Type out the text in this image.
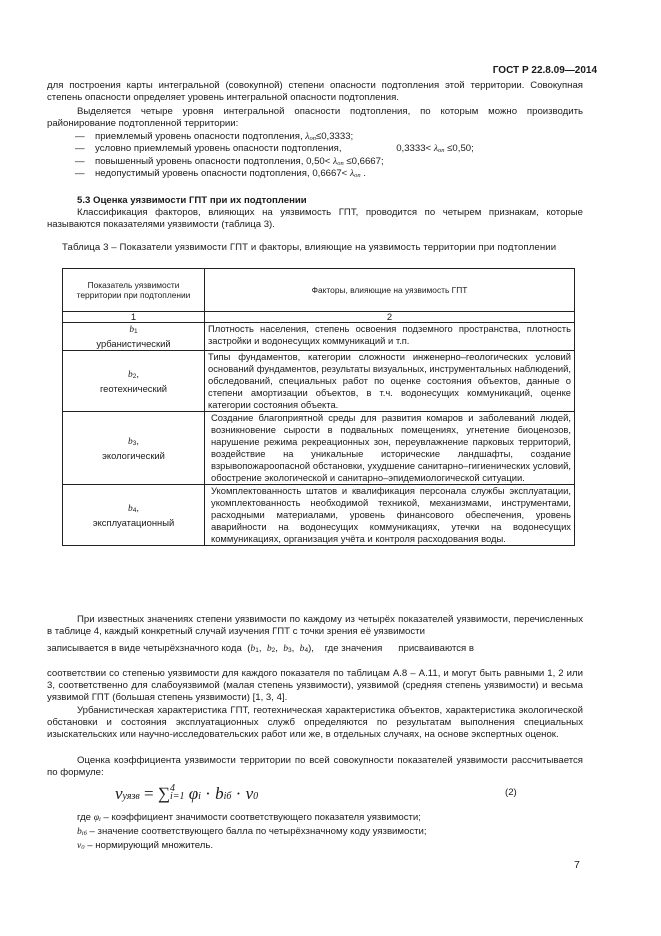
ГОСТ Р 22.8.09—2014
для построения карты интегральной (совокупной) степени опасности подтопления этой территории. Совокупная степень опасности определяет уровень интегральной опасности подтопления.
Выделяется четыре уровня интегральной опасности подтопления, по которым можно производить районирование подтопленной территории:
— приемлемый уровень опасности подтопления, λоп≤0,3333;
— условно приемлемый уровень опасности подтопления,	0,3333< λоп ≤0,50;
— повышенный уровень опасности подтопления, 0,50< λоп ≤0,6667;
— недопустимый уровень опасности подтопления, 0,6667< λоп .
5.3 Оценка уязвимости ГПТ при их подтоплении
Классификация факторов, влияющих на уязвимость ГПТ, проводится по четырем признакам, которые называются показателями уязвимости (таблица 3).
Таблица 3 – Показатели уязвимости ГПТ и факторы, влияющие на уязвимость территории при подтоплении
Показатель уязвимости территории при подтоплении	Факторы, влияющие на уязвимость ГПТ
1	2
b1
урбанистический	Плотность населения, степень освоения подземного пространства, плотность застройки и водонесущих коммуникаций и т.п.
b2,
геотехнический	Типы фундаментов, категории сложности инженерно–геологических условий оснований фундаментов, результаты визуальных, инструментальных наблюдений, обследований, специальных работ по оценке состояния объектов, данные о степени амортизации объектов, в т.ч. водонесущих коммуникаций, оценке категории состояния объекта.
b3,
экологический	Создание благоприятной среды для развития комаров и заболеваний людей, возникновение сырости в подвальных помещениях, угнетение биоценозов, нарушение режима рекреационных зон, переувлажнение парковых территорий, воздействие на уникальные исторические ландшафты, создание взрывопожароопасной обстановки, ухудшение санитарно–гигиенических условий, обострение экологической и санитарно–эпидемиологической ситуации.
b4,
эксплуатационный	Укомплектованность штатов и квалификация персонала службы эксплуатации, укомплектованность необходимой техникой, механизмами, инструментами, расходными материалами, уровень финансового обеспечения, уровень аварийности на водонесущих коммуникациях, утечки на водонесущих коммуникациях, организация учёта и контроля расходования воды.
При известных значениях степени уязвимости по каждому из четырёх показателей уязвимости, перечисленных в таблице 4, каждый конкретный случай изучения ГПТ с точки зрения её уязвимости
записывается в виде четырёхзначного кода  (b1,  b2,  b3,  b4),    где значения присваиваются в
соответствии со степенью уязвимости для каждого показателя по таблицам А.8 – А.11, и могут быть равными 1, 2 или 3, соответственно для слабоуязвимой (малая степень уязвимости), уязвимой (средняя степень уязвимости) и весьма уязвимой ГПТ (большая степень уязвимости) [1, 3, 4].
Урбанистическая характеристика ГПТ, геотехническая характеристика объектов, характеристика экологической обстановки и состояния эксплуатационных служб определяются по результатам выполнения специальных изыскательских или научно-исследовательских работ или же, в отдельных случаях, на основе экспертных оценок.
Оценка коэффициента уязвимости территории по всей совокупности показателей уязвимости рассчитывается по формуле:
νуязв = ∑ 4
i=1 φi · biб · ν0	(2)
где φi – коэффициент значимости соответствующего показателя уязвимости;
biб – значение соответствующего балла по четырёхзначному коду уязвимости;
ν0 – нормирующий множитель.
7
